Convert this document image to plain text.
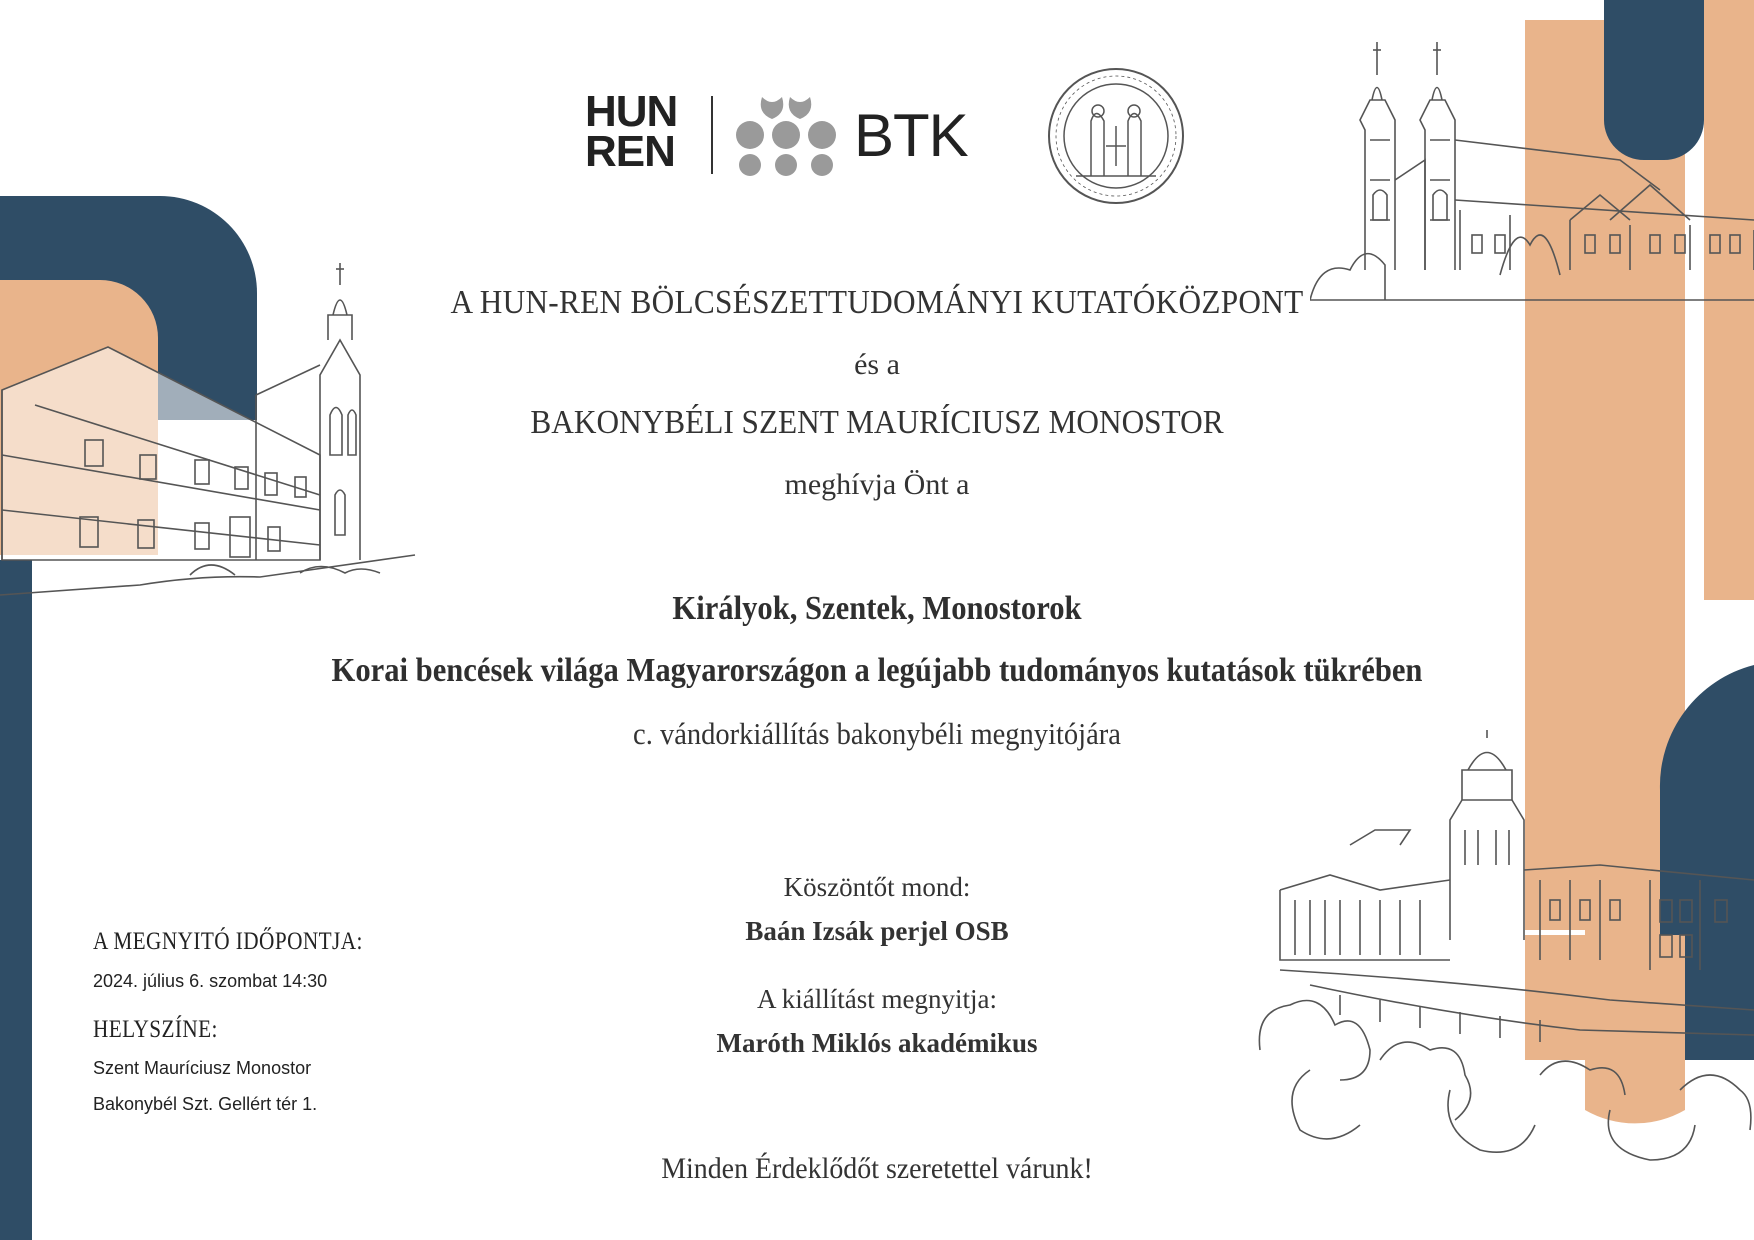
HUN
REN	BTK
A HUN-REN BÖLCSÉSZETTUDOMÁNYI KUTATÓKÖZPONT
és a
BAKONYBÉLI SZENT MAURÍCIUSZ MONOSTOR
meghívja Önt a
Királyok, Szentek, Monostorok
Korai bencések világa Magyarországon a legújabb tudományos kutatások tükrében
c. vándorkiállítás bakonybéli megnyitójára
Köszöntőt mond:
Baán Izsák perjel OSB
A kiállítást megnyitja:
Maróth Miklós akadémikus
Minden Érdeklődőt szeretettel várunk!
A MEGNYITÓ IDŐPONTJA:
2024. július 6. szombat 14:30
HELYSZÍNE:
Szent Mauríciusz Monostor
Bakonybél Szt. Gellért tér 1.
